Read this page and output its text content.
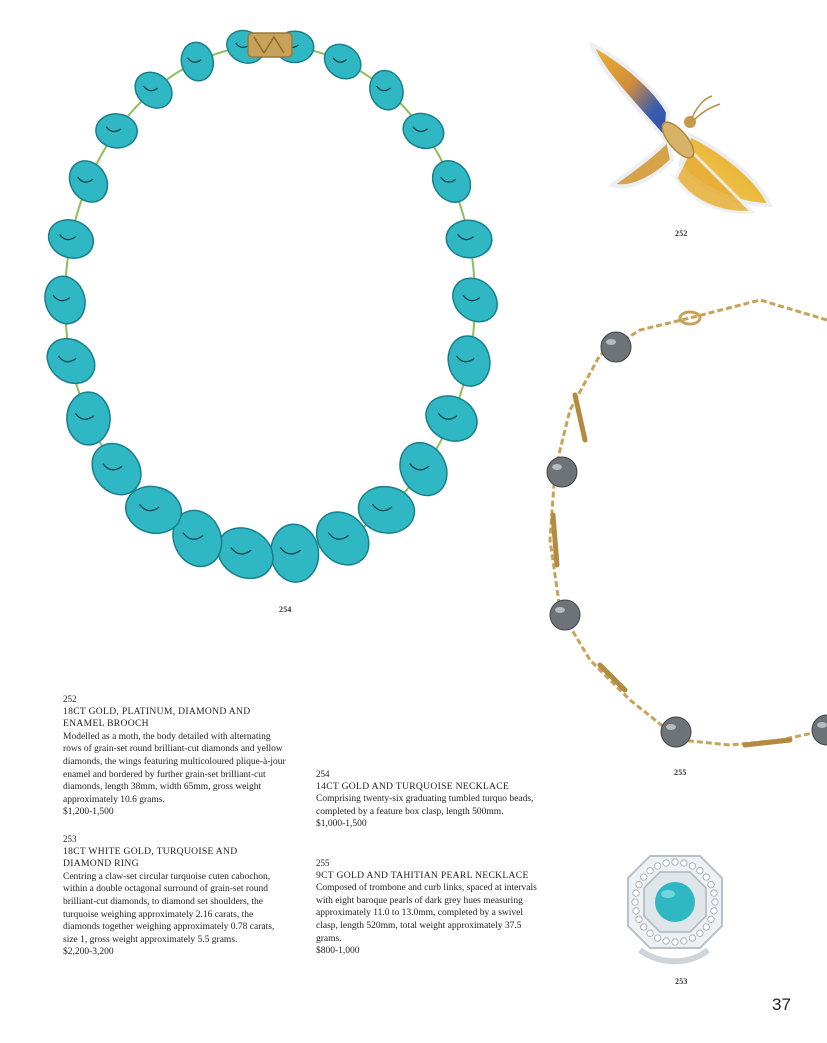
254
252
255
253
252
18CT GOLD, PLATINUM, DIAMOND AND ENAMEL BROOCH
Modelled as a moth, the body detailed with alternating rows of grain-set round brilliant-cut diamonds and yellow diamonds, the wings featuring multicoloured plique-à-jour enamel and bordered by further grain-set brilliant-cut diamonds, length 38mm, width 65mm, gross weight approximately 10.6 grams.
$1,200-1,500
253
18CT WHITE GOLD, TURQUOISE AND DIAMOND RING
Centring a claw-set circular turquoise cuten cabochon, within a double octagonal surround of grain-set round brilliant-cut diamonds, to diamond set shoulders, the turquoise weighing approximately 2.16 carats, the diamonds together weighing approximately 0.78 carats, size 1, gross weight approximately 5.5 grams.
$2,200-3,200
254
14CT GOLD AND TURQUOISE NECKLACE
Comprising twenty-six graduating tumbled turquo beads, completed by a feature box clasp, length 500mm.
$1,000-1,500
255
9CT GOLD AND TAHITIAN PEARL NECKLACE
Composed of trombone and curb links, spaced at intervals with eight baroque pearls of dark grey hues measuring approximately 11.0 to 13.0mm, completed by a swivel clasp, length 520mm, total weight approximately 37.5 grams.
$800-1,000
37
